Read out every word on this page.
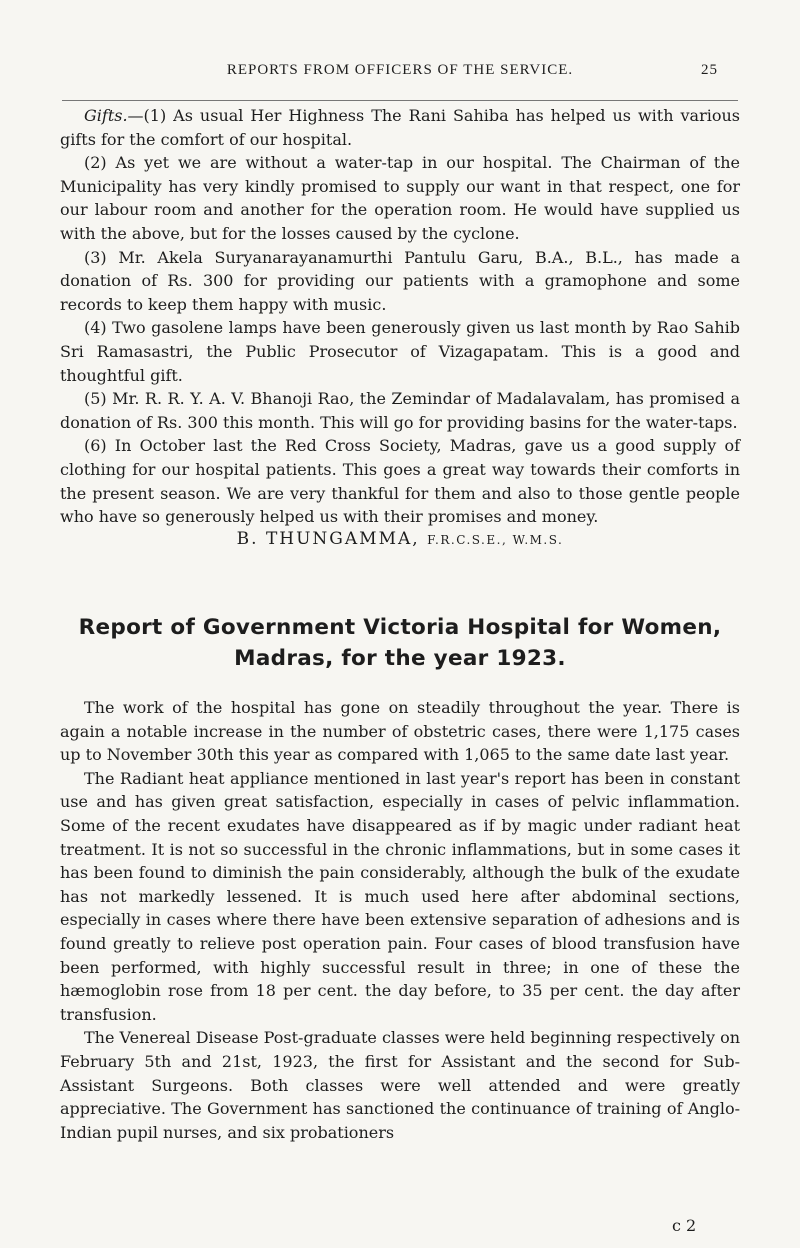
REPORTS FROM OFFICERS OF THE SERVICE.	25

Gifts.—(1) As usual Her Highness The Rani Sahiba has helped us with various gifts for the comfort of our hospital.

(2) As yet we are without a water-tap in our hospital. The Chairman of the Municipality has very kindly promised to supply our want in that respect, one for our labour room and another for the operation room. He would have supplied us with the above, but for the losses caused by the cyclone.

(3) Mr. Akela Suryanarayanamurthi Pantulu Garu, B.A., B.L., has made a donation of Rs. 300 for providing our patients with a gramophone and some records to keep them happy with music.

(4) Two gasolene lamps have been generously given us last month by Rao Sahib Sri Ramasastri, the Public Prosecutor of Vizagapatam. This is a good and thoughtful gift.

(5) Mr. R. R. Y. A. V. Bhanoji Rao, the Zemindar of Madalavalam, has promised a donation of Rs. 300 this month. This will go for providing basins for the water-taps.

(6) In October last the Red Cross Society, Madras, gave us a good supply of clothing for our hospital patients. This goes a great way towards their comforts in the present season. We are very thankful for them and also to those gentle people who have so generously helped us with their promises and money.

B. THUNGAMMA, F.R.C.S.E., W.M.S.
Report of Government Victoria Hospital for Women,
Madras, for the year 1923.

The work of the hospital has gone on steadily throughout the year. There is again a notable increase in the number of obstetric cases, there were 1,175 cases up to November 30th this year as compared with 1,065 to the same date last year.

The Radiant heat appliance mentioned in last year's report has been in constant use and has given great satisfaction, especially in cases of pelvic inflammation. Some of the recent exudates have disappeared as if by magic under radiant heat treatment. It is not so successful in the chronic inflammations, but in some cases it has been found to diminish the pain considerably, although the bulk of the exudate has not markedly lessened. It is much used here after abdominal sections, especially in cases where there have been extensive separation of adhesions and is found greatly to relieve post operation pain. Four cases of blood transfusion have been performed, with highly successful result in three; in one of these the hæmoglobin rose from 18 per cent. the day before, to 35 per cent. the day after transfusion.

The Venereal Disease Post-graduate classes were held beginning respectively on February 5th and 21st, 1923, the first for Assistant and the second for Sub-Assistant Surgeons. Both classes were well attended and were greatly appreciative. The Government has sanctioned the continuance of training of Anglo-Indian pupil nurses, and six probationers

c 2
